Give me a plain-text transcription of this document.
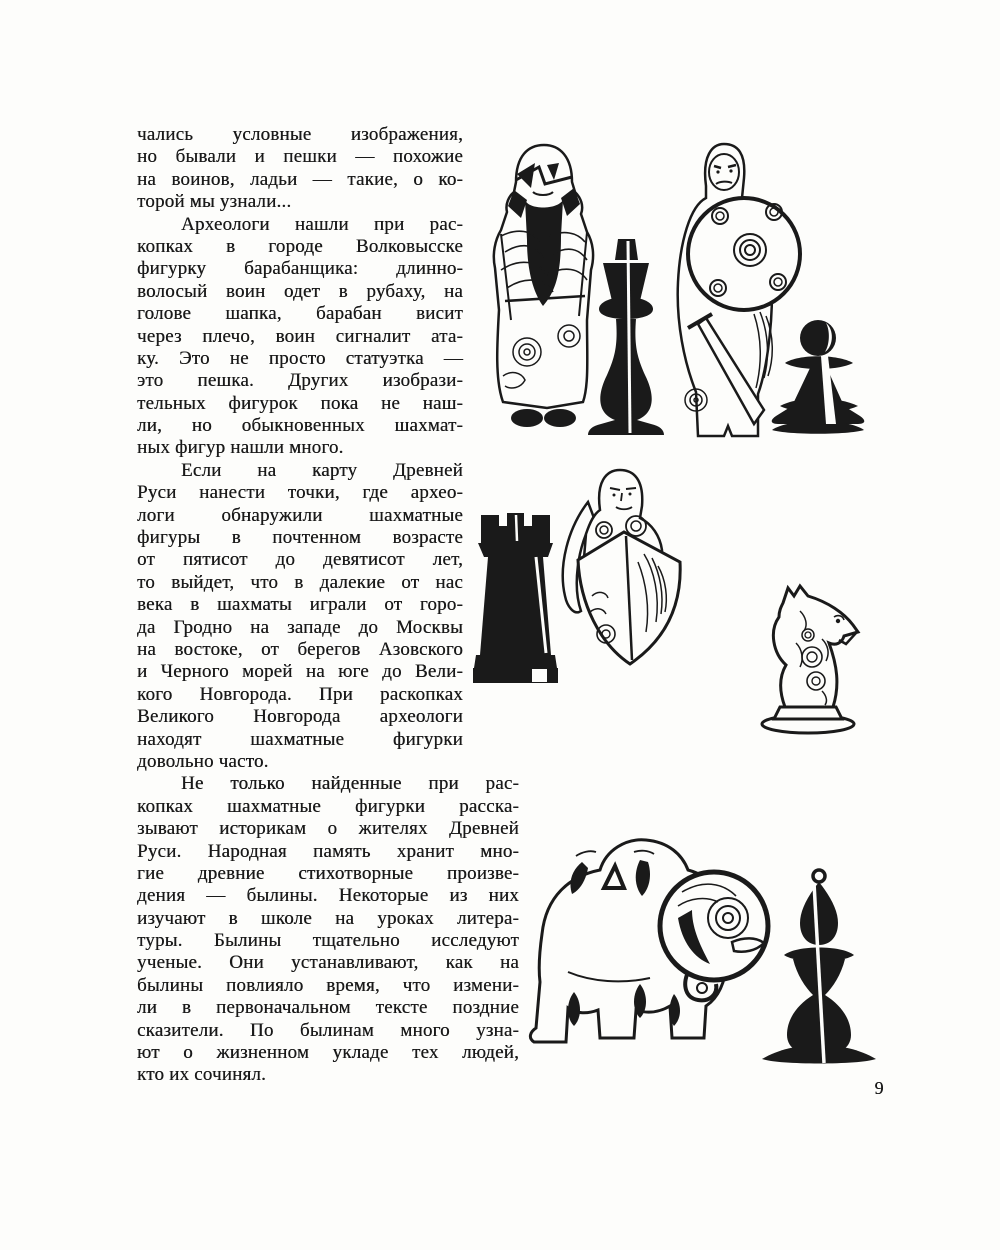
чались условные изображения,
но бывали и пешки — похожие
на воинов, ладьи — такие, о ко-
торой мы узнали...
Археологи нашли при рас-
копках в городе Волковысске
фигурку барабанщика: длинно-
волосый воин одет в рубаху, на
голове шапка, барабан висит
через плечо, воин сигналит ата-
ку. Это не просто статуэтка —
это пешка. Других изобрази-
тельных фигурок пока не наш-
ли, но обыкновенных шахмат-
ных фигур нашли много.
Если на карту Древней
Руси нанести точки, где архео-
логи обнаружили шахматные
фигуры в почтенном возрасте
от пятисот до девятисот лет,
то выйдет, что в далекие от нас
века в шахматы играли от горо-
да Гродно на западе до Москвы
на востоке, от берегов Азовского
и Черного морей на юге до Вели-
кого Новгорода. При раскопках
Великого Новгорода археологи
находят шахматные фигурки
довольно часто.
Не только найденные при рас-
копках шахматные фигурки расска-
зывают историкам о жителях Древней
Руси. Народная память хранит мно-
гие древние стихотворные произве-
дения — былины. Некоторые из них
изучают в школе на уроках литера-
туры. Былины тщательно исследуют
ученые. Они устанавливают, как на
былины повлияло время, что измени-
ли в первоначальном тексте поздние
сказители. По былинам много узна-
ют о жизненном укладе тех людей,
кто их сочинял.
9
